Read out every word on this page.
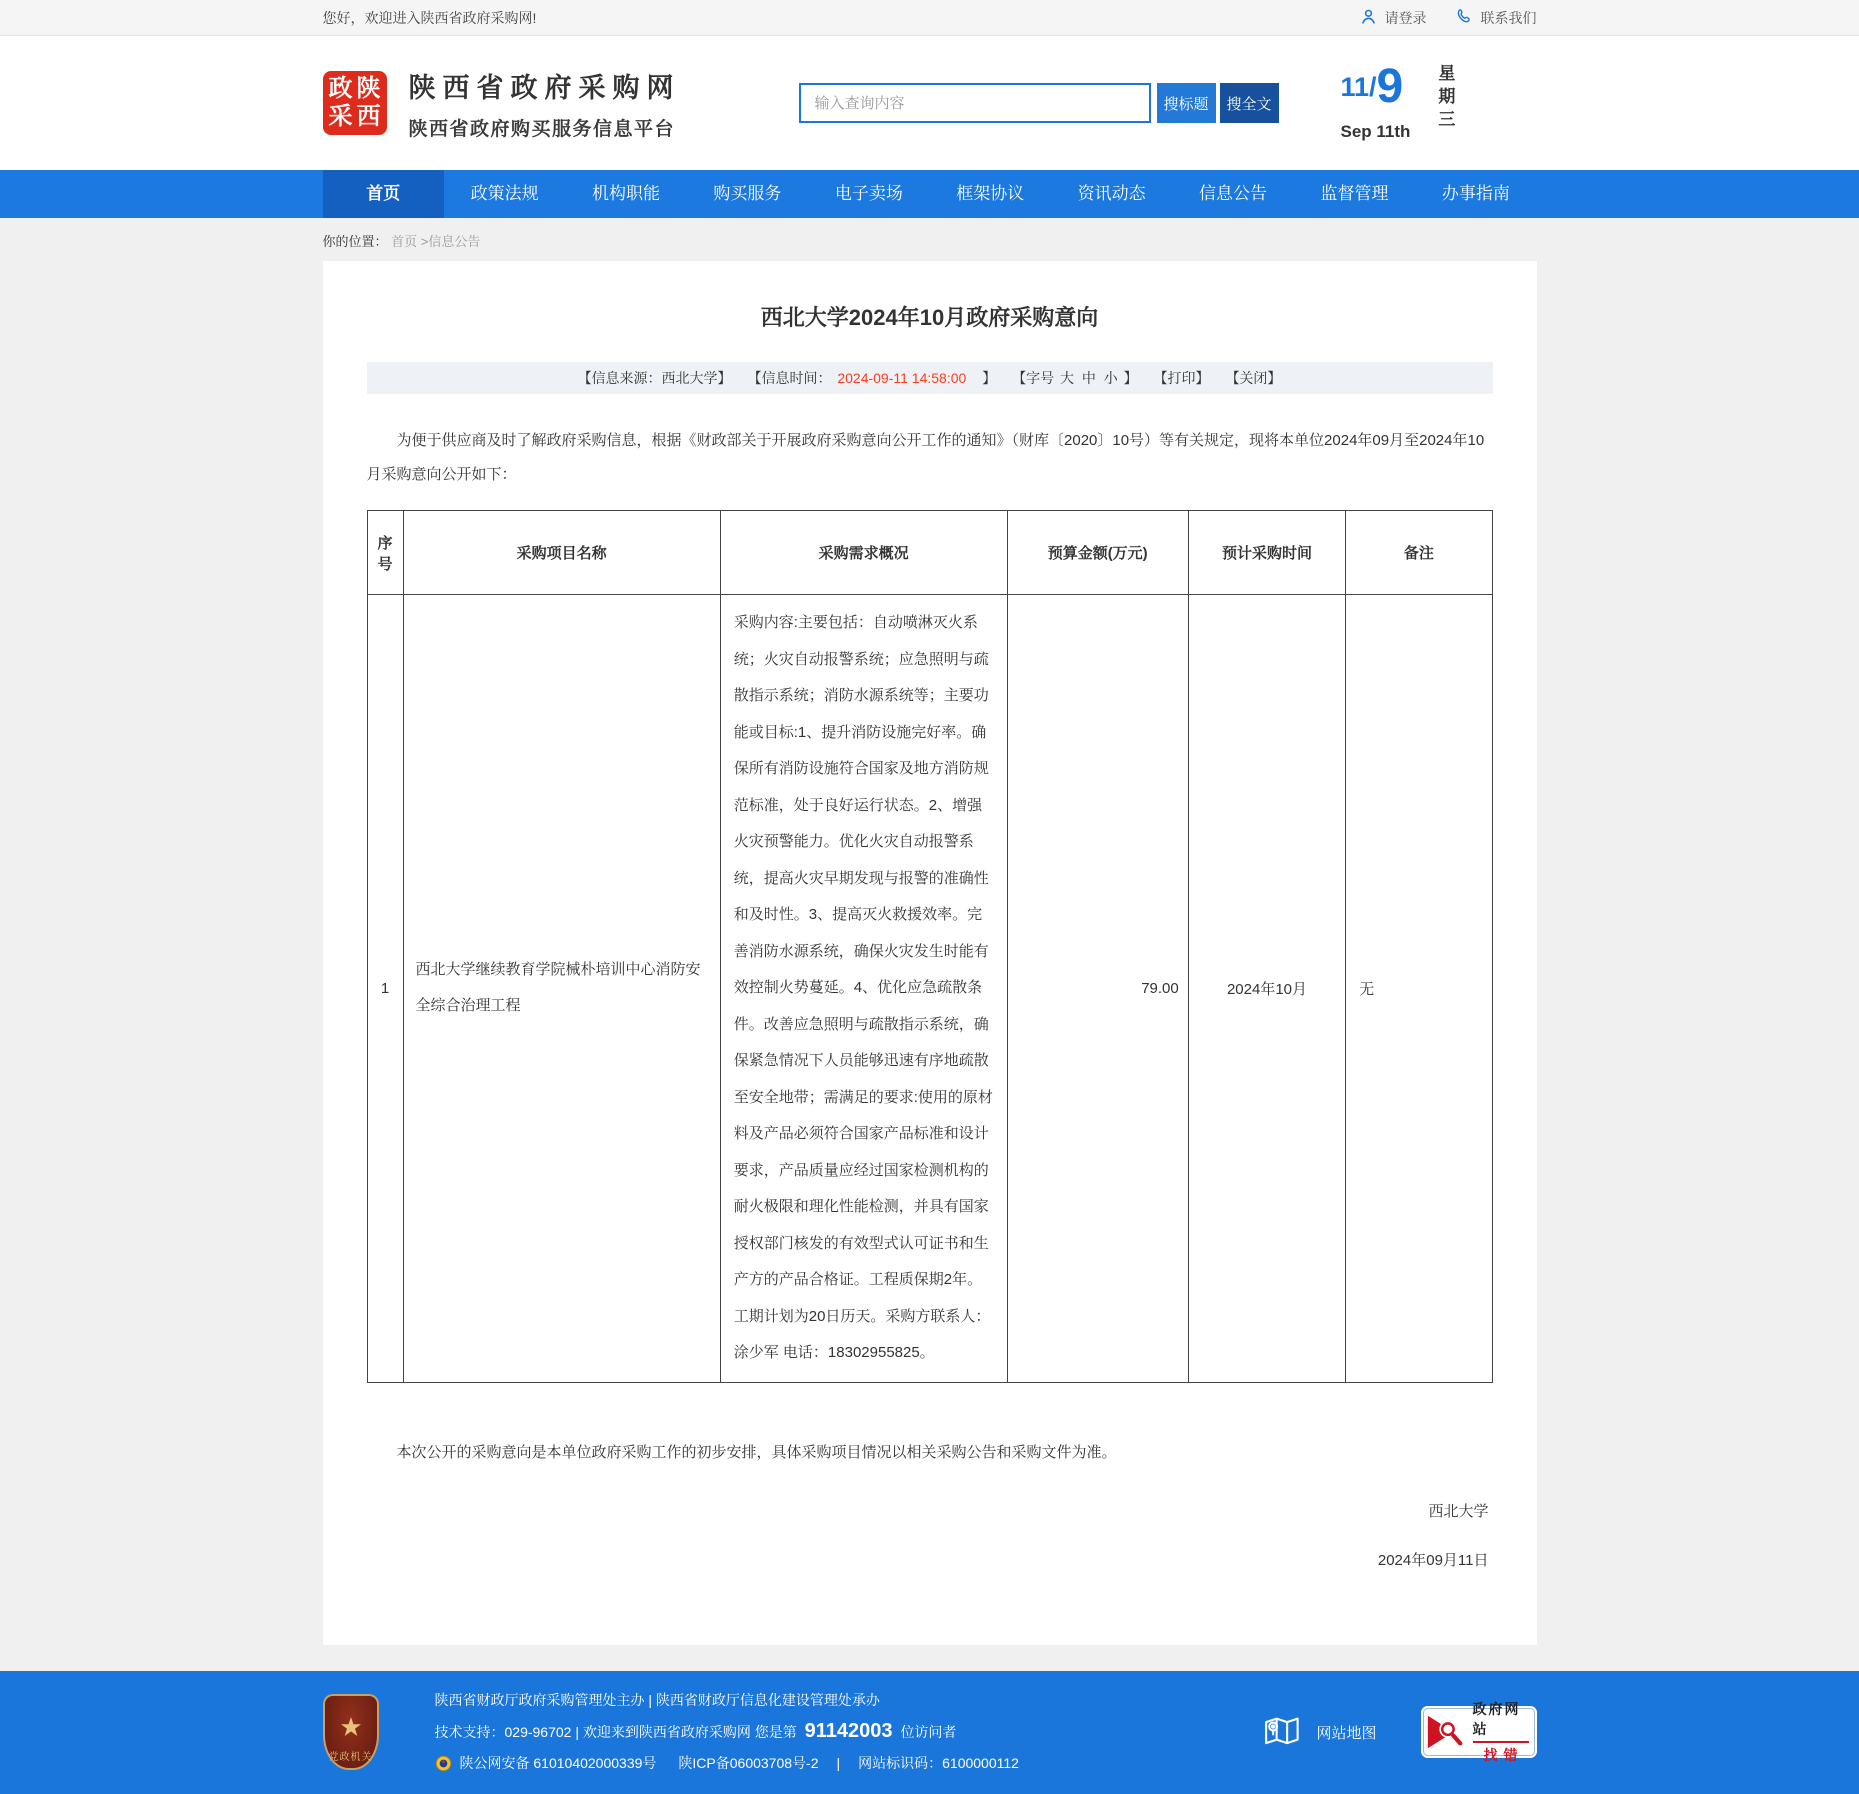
您好，欢迎进入陕西省政府采购网!	请登录	联系我们
政陕
采西
陕西省政府采购网
陕西省政府购买服务信息平台
输入查询内容
搜标题	搜全文
11/ 9
Sep 11th 星期三
首页	政策法规	机构职能	购买服务	电子卖场	框架协议	资讯动态	信息公告	监督管理	办事指南
你的位置： 首页 >信息公告
西北大学2024年10月政府采购意向
【信息来源：西北大学】 【信息时间： 2024-09-11 14:58:00 】 【字号 大 中 小 】 【打印】 【关闭】

为便于供应商及时了解政府采购信息，根据《财政部关于开展政府采购意向公开工作的通知》（财库〔2020〕10号）等有关规定，现将本单位2024年09月至2024年10月采购意向公开如下：

序号	采购项目名称	采购需求概况	预算金额(万元)	预计采购时间	备注
1	西北大学继续教育学院械朴培训中心消防安全综合治理工程	采购内容:主要包括：自动喷淋灭火系统；火灾自动报警系统；应急照明与疏散指示系统；消防水源系统等；主要功能或目标:1、提升消防设施完好率。确保所有消防设施符合国家及地方消防规范标准，处于良好运行状态。2、增强火灾预警能力。优化火灾自动报警系统，提高火灾早期发现与报警的准确性和及时性。3、提高灭火救援效率。完善消防水源系统，确保火灾发生时能有效控制火势蔓延。4、优化应急疏散条件。改善应急照明与疏散指示系统，确保紧急情况下人员能够迅速有序地疏散至安全地带；需满足的要求:使用的原材料及产品必须符合国家产品标准和设计要求，产品质量应经过国家检测机构的耐火极限和理化性能检测，并具有国家授权部门核发的有效型式认可证书和生产方的产品合格证。工程质保期2年。工期计划为20日历天。采购方联系人：涂少军 电话：18302955825。	79.00	2024年10月	无

本次公开的采购意向是本单位政府采购工作的初步安排，具体采购项目情况以相关采购公告和采购文件为准。

西北大学
2024年09月11日
党政机关
陕西省财政厅政府采购管理处主办 | 陕西省财政厅信息化建设管理处承办
技术支持：029-96702 | 欢迎来到陕西省政府采购网 您是第 91142003 位访问者
陕公网安备 61010402000339号 陕ICP备06003708号-2 | 网站标识码：6100000112
网站地图
政府网站
找错
